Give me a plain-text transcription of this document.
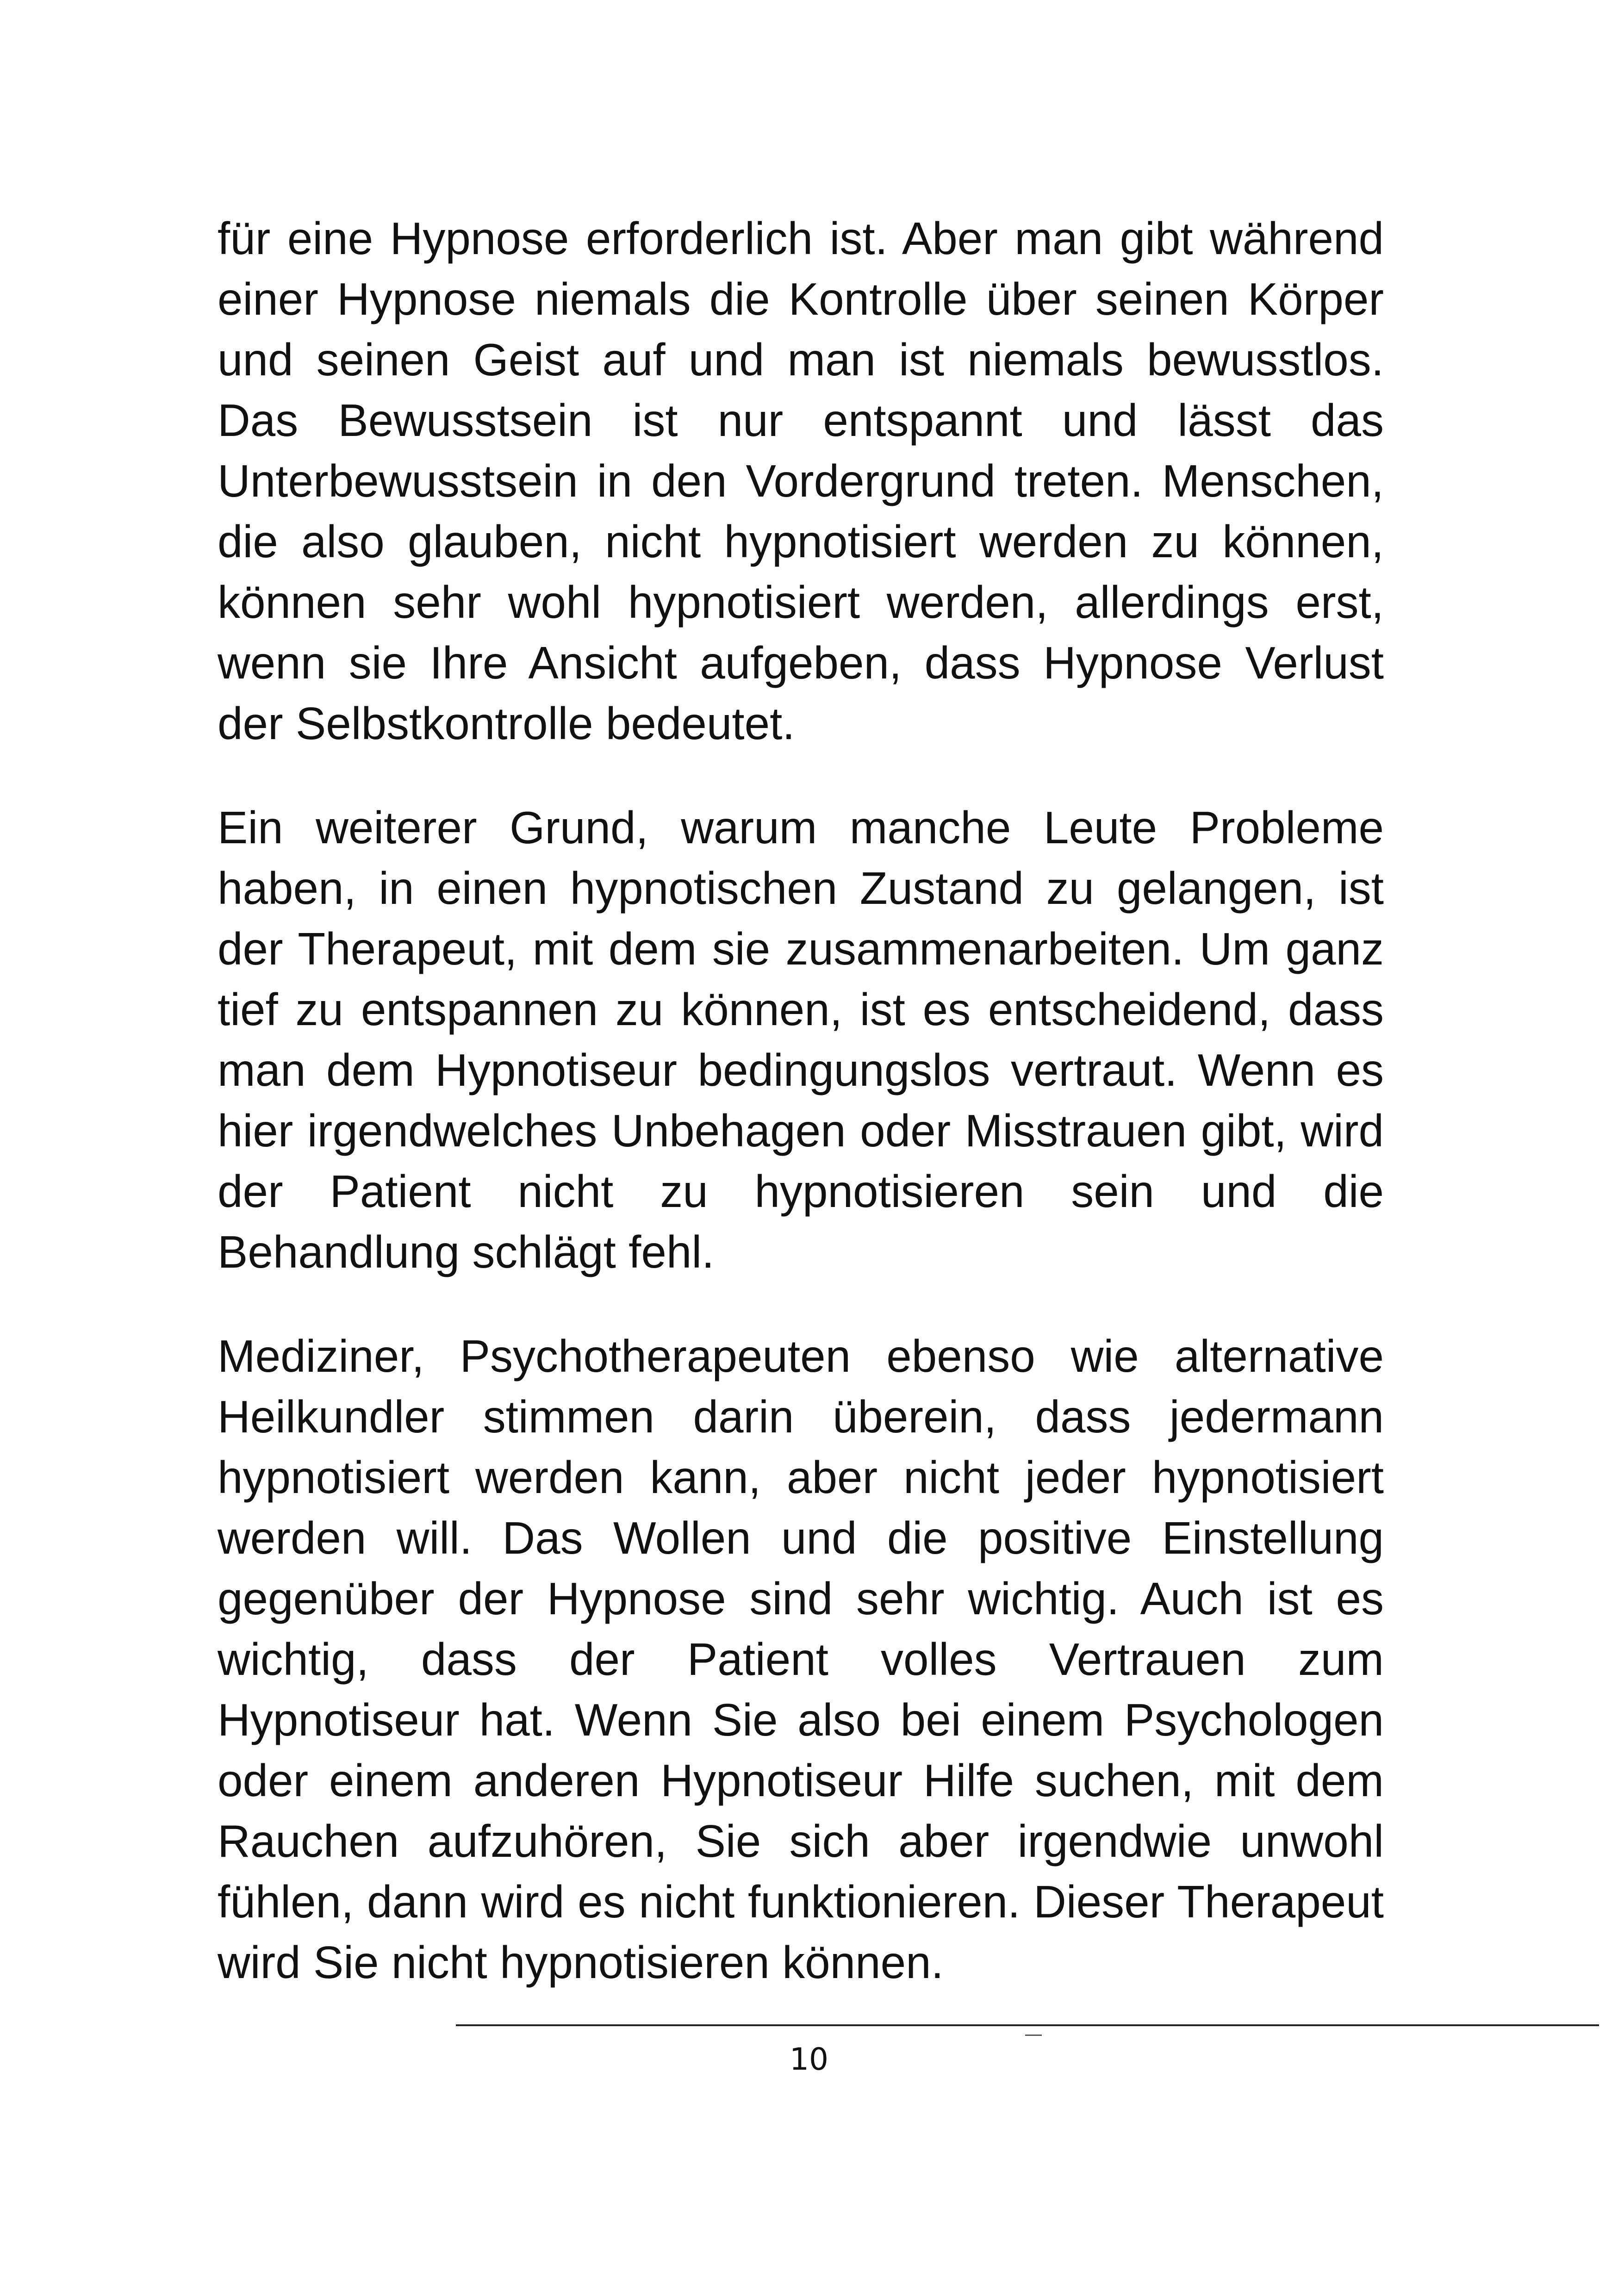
für eine Hypnose erforderlich ist. Aber man gibt während einer Hypnose niemals die Kontrolle über seinen Körper und seinen Geist auf und man ist niemals bewusstlos. Das Bewusstsein ist nur entspannt und lässt das Unterbewusstsein in den Vordergrund treten. Menschen, die also glauben, nicht hypnotisiert werden zu können, können sehr wohl hypnotisiert werden, allerdings erst, wenn sie Ihre Ansicht aufgeben, dass Hypnose Verlust der Selbstkontrolle bedeutet.

Ein weiterer Grund, warum manche Leute Probleme haben, in einen hypnotischen Zustand zu gelangen, ist der Therapeut, mit dem sie zusammenarbeiten. Um ganz tief zu entspannen zu können, ist es entscheidend, dass man dem Hypnotiseur bedingungslos vertraut. Wenn es hier irgendwelches Unbehagen oder Misstrauen gibt, wird der Patient nicht zu hypnotisieren sein und die Behandlung schlägt fehl.

Mediziner, Psychotherapeuten ebenso wie alternative Heilkundler stimmen darin überein, dass jedermann hypnotisiert werden kann, aber nicht jeder hypnotisiert werden will. Das Wollen und die positive Einstellung gegenüber der Hypnose sind sehr wichtig. Auch ist es wichtig, dass der Patient volles Vertrauen zum Hypnotiseur hat. Wenn Sie also bei einem Psychologen oder einem anderen Hypnotiseur Hilfe suchen, mit dem Rauchen aufzuhören, Sie sich aber irgendwie unwohl fühlen, dann wird es nicht funktionieren. Dieser Therapeut wird Sie nicht hypnotisieren können.

10
